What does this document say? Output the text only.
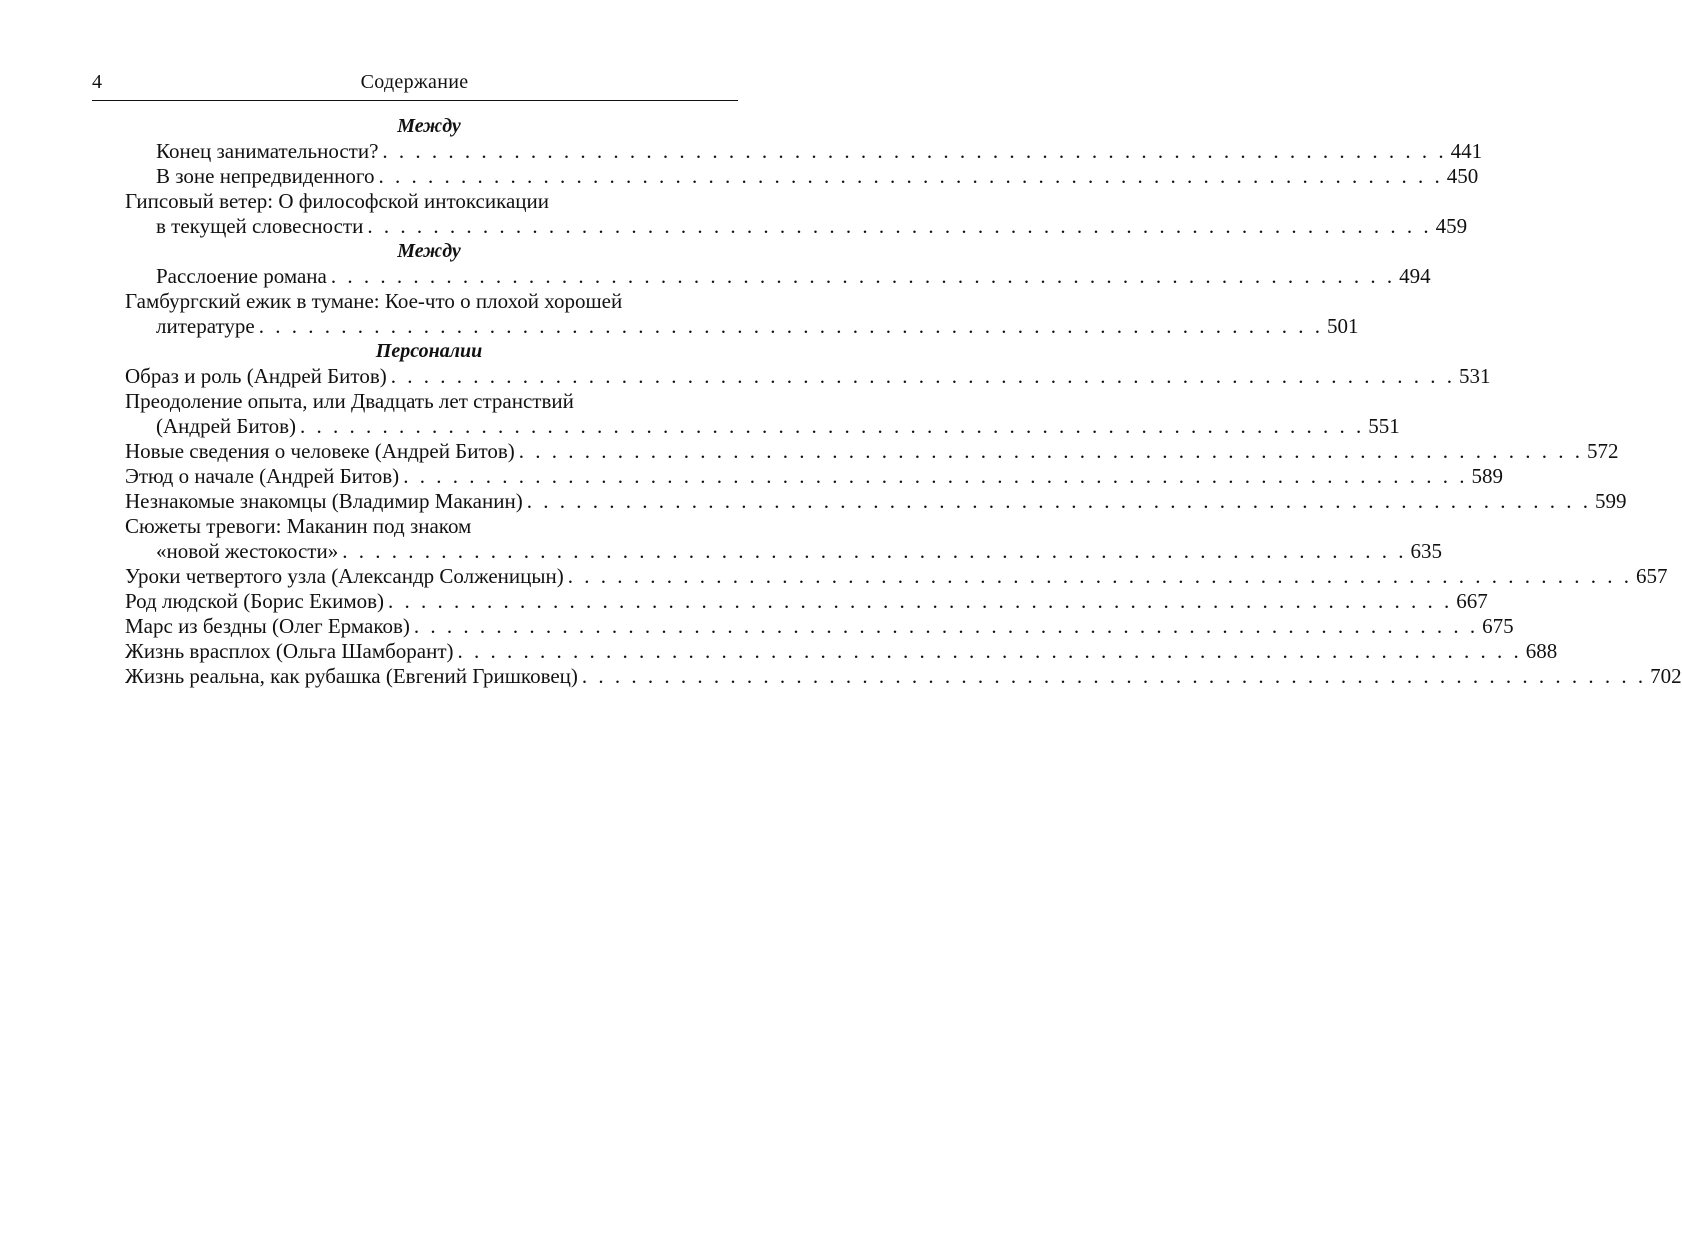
4	Содержание
Между
Конец занимательности? . . . . . . . . . . . . . . . . . . . . . . . . . . . . . . . . . . . . . . . . . . . . . . . . . . . . . . . . . . . . . . . . . 441
В зоне непредвиденного . . . . . . . . . . . . . . . . . . . . . . . . . . . . . . . . . . . . . . . . . . . . . . . . . . . . . . . . . . . . . . . . . 450
Гипсовый ветер: О философской интоксикации
в текущей словесности . . . . . . . . . . . . . . . . . . . . . . . . . . . . . . . . . . . . . . . . . . . . . . . . . . . . . . . . . . . . . . . . . 459
Между
Расслоение романа . . . . . . . . . . . . . . . . . . . . . . . . . . . . . . . . . . . . . . . . . . . . . . . . . . . . . . . . . . . . . . . . . 494
Гамбургский ежик в тумане: Кое-что о плохой хорошей
литературе . . . . . . . . . . . . . . . . . . . . . . . . . . . . . . . . . . . . . . . . . . . . . . . . . . . . . . . . . . . . . . . . . 501
Персоналии
Образ и роль (Андрей Битов) . . . . . . . . . . . . . . . . . . . . . . . . . . . . . . . . . . . . . . . . . . . . . . . . . . . . . . . . . . . . . . . . . 531
Преодоление опыта, или Двадцать лет странствий
(Андрей Битов) . . . . . . . . . . . . . . . . . . . . . . . . . . . . . . . . . . . . . . . . . . . . . . . . . . . . . . . . . . . . . . . . . 551
Новые сведения о человеке (Андрей Битов) . . . . . . . . . . . . . . . . . . . . . . . . . . . . . . . . . . . . . . . . . . . . . . . . . . . . . . . . . . . . . . . . . 572
Этюд о начале (Андрей Битов) . . . . . . . . . . . . . . . . . . . . . . . . . . . . . . . . . . . . . . . . . . . . . . . . . . . . . . . . . . . . . . . . . 589
Незнакомые знакомцы (Владимир Маканин) . . . . . . . . . . . . . . . . . . . . . . . . . . . . . . . . . . . . . . . . . . . . . . . . . . . . . . . . . . . . . . . . . 599
Сюжеты тревоги: Маканин под знаком
«новой жестокости» . . . . . . . . . . . . . . . . . . . . . . . . . . . . . . . . . . . . . . . . . . . . . . . . . . . . . . . . . . . . . . . . . 635
Уроки четвертого узла (Александр Солженицын) . . . . . . . . . . . . . . . . . . . . . . . . . . . . . . . . . . . . . . . . . . . . . . . . . . . . . . . . . . . . . . . . . 657
Род людской (Борис Екимов) . . . . . . . . . . . . . . . . . . . . . . . . . . . . . . . . . . . . . . . . . . . . . . . . . . . . . . . . . . . . . . . . . 667
Марс из бездны (Олег Ермаков) . . . . . . . . . . . . . . . . . . . . . . . . . . . . . . . . . . . . . . . . . . . . . . . . . . . . . . . . . . . . . . . . . 675
Жизнь врасплох (Ольга Шамборант) . . . . . . . . . . . . . . . . . . . . . . . . . . . . . . . . . . . . . . . . . . . . . . . . . . . . . . . . . . . . . . . . . 688
Жизнь реальна, как рубашка (Евгений Гришковец) . . . . . . . . . . . . . . . . . . . . . . . . . . . . . . . . . . . . . . . . . . . . . . . . . . . . . . . . . . . . . . . . . 702
